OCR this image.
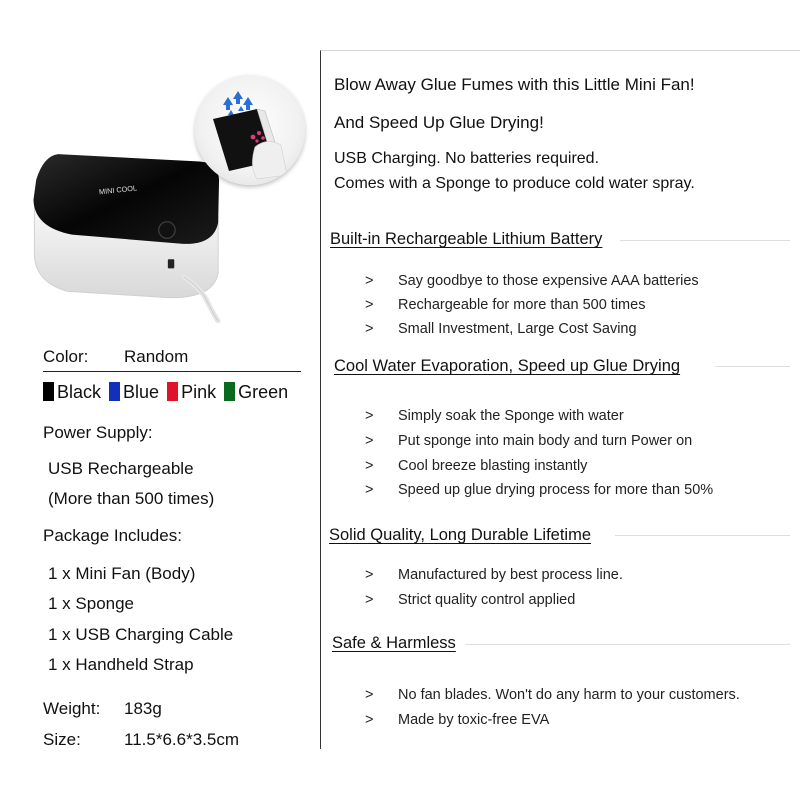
MINI COOL
Color: Random
Black Blue Pink Green
Power Supply:
USB Rechargeable
(More than 500 times)
Package Includes:
1 x Mini Fan (Body)
1 x Sponge
1 x USB Charging Cable
1 x Handheld Strap
Weight: 183g
Size:	11.5*6.6*3.5cm
Blow Away Glue Fumes with this Little Mini Fan!
And Speed Up Glue Drying!
USB Charging. No batteries required.
Comes with a Sponge to produce cold water spray.
Built-in Rechargeable Lithium Battery
> Say goodbye to those expensive AAA batteries
> Rechargeable for more than 500 times
> Small Investment, Large Cost Saving
Cool Water Evaporation, Speed up Glue Drying
> Simply soak the Sponge with water
> Put sponge into main body and turn Power on
> Cool breeze blasting instantly
> Speed up glue drying process for more than 50%
Solid Quality, Long Durable Lifetime
> Manufactured by best process line.
> Strict quality control applied
Safe & Harmless
> No fan blades. Won't do any harm to your customers.
> Made by toxic-free EVA
